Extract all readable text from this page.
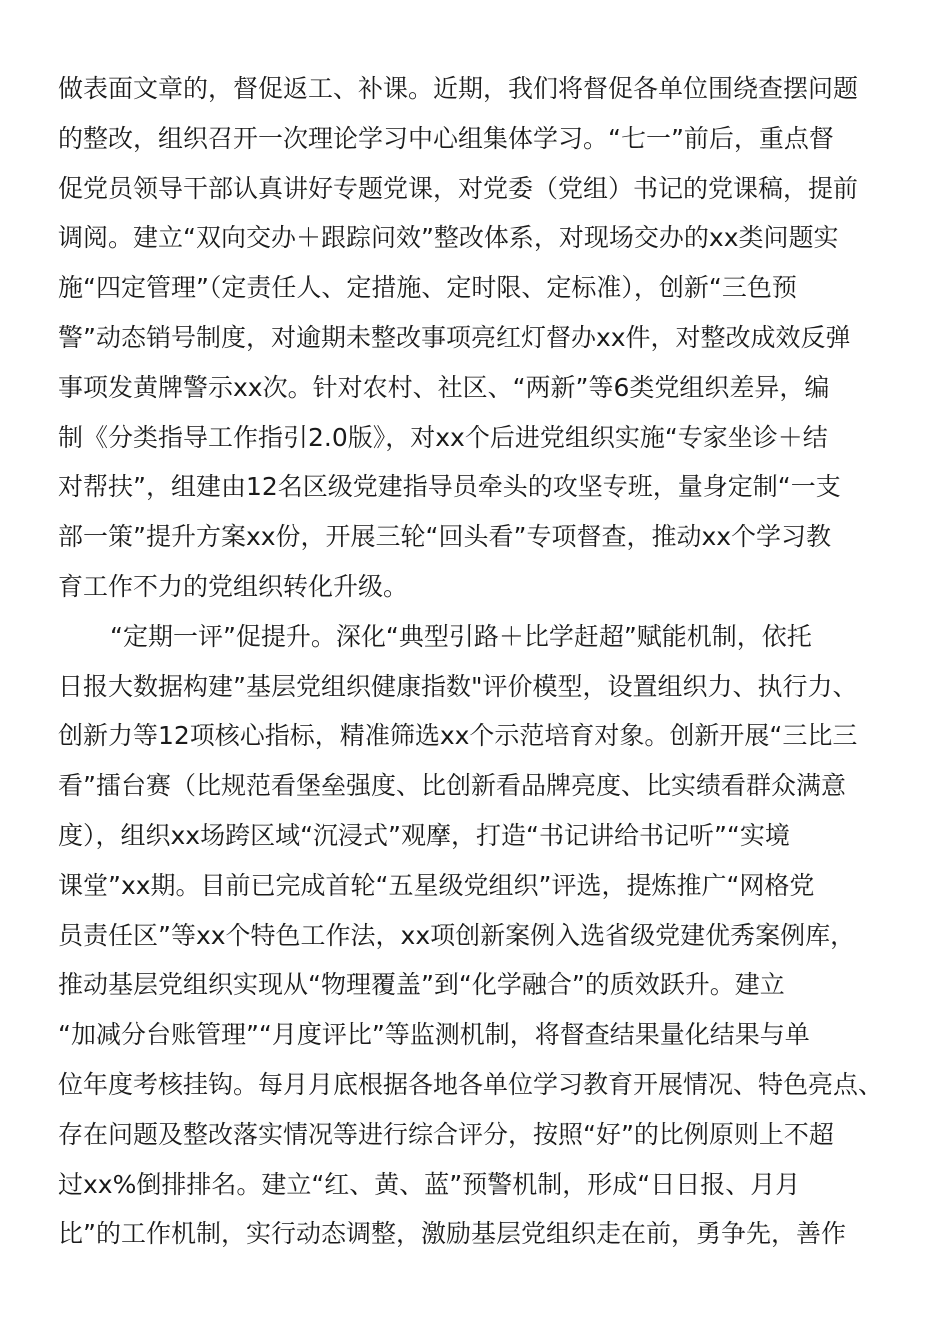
做表面文章的，督促返工、补课。近期，我们将督促各单位围绕查摆问题
的整改，组织召开一次理论学习中心组集体学习。“七一”前后，重点督
促党员领导干部认真讲好专题党课，对党委（党组）书记的党课稿，提前
调阅。建立“双向交办＋跟踪问效”整改体系，对现场交办的xx类问题实
施“四定管理”（定责任人、定措施、定时限、定标准），创新“三色预
警”动态销号制度，对逾期未整改事项亮红灯督办xx件，对整改成效反弹
事项发黄牌警示xx次。针对农村、社区、“两新”等6类党组织差异，编
制《分类指导工作指引2.0版》，对xx个后进党组织实施“专家坐诊＋结
对帮扶”，组建由12名区级党建指导员牵头的攻坚专班，量身定制“一支
部一策”提升方案xx份，开展三轮“回头看”专项督查，推动xx个学习教
育工作不力的党组织转化升级。
“定期一评”促提升。深化“典型引路＋比学赶超”赋能机制，依托
日报大数据构建”基层党组织健康指数"评价模型，设置组织力、执行力、
创新力等12项核心指标，精准筛选xx个示范培育对象。创新开展“三比三
看”擂台赛（比规范看堡垒强度、比创新看品牌亮度、比实绩看群众满意
度），组织xx场跨区域“沉浸式”观摩，打造“书记讲给书记听”“实境
课堂”xx期。目前已完成首轮“五星级党组织”评选，提炼推广“网格党
员责任区”等xx个特色工作法，xx项创新案例入选省级党建优秀案例库，
推动基层党组织实现从“物理覆盖”到“化学融合”的质效跃升。建立
“加减分台账管理”“月度评比”等监测机制，将督查结果量化结果与单
位年度考核挂钩。每月月底根据各地各单位学习教育开展情况、特色亮点、
存在问题及整改落实情况等进行综合评分，按照“好”的比例原则上不超
过xx%倒排排名。建立“红、黄、蓝”预警机制，形成“日日报、月月
比”的工作机制，实行动态调整，激励基层党组织走在前，勇争先，善作
